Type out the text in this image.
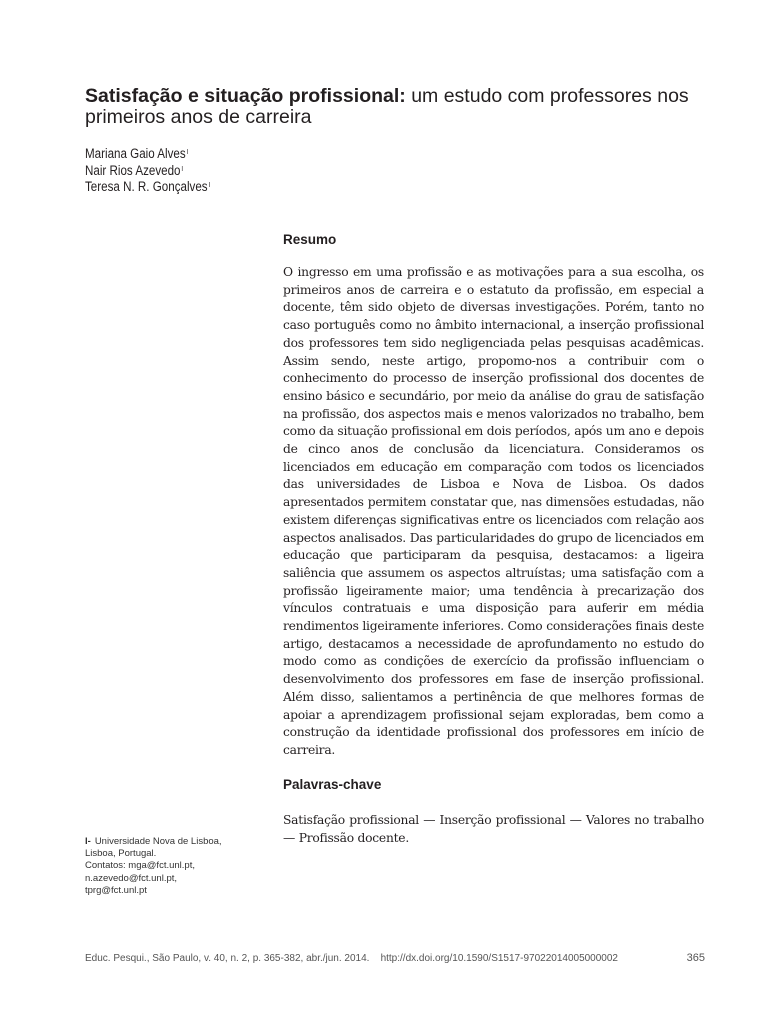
Satisfação e situação profissional: um estudo com professores nos primeiros anos de carreira
Mariana Gaio Alves$^I$
Nair Rios Azevedo$^I$
Teresa N. R. Gonçalves$^I$
Resumo

O ingresso em uma profissão e as motivações para a sua escolha, os primeiros anos de carreira e o estatuto da profissão, em especial a docente, têm sido objeto de diversas investigações. Porém, tanto no caso português como no âmbito internacional, a inserção profissional dos professores tem sido negligenciada pelas pesquisas acadêmicas. Assim sendo, neste artigo, propomo-nos a contribuir com o conhecimento do processo de inserção profissional dos docentes de ensino básico e secundário, por meio da análise do grau de satisfação na profissão, dos aspectos mais e menos valorizados no trabalho, bem como da situação profissional em dois períodos, após um ano e depois de cinco anos de conclusão da licenciatura. Consideramos os licenciados em educação em comparação com todos os licenciados das universidades de Lisboa e Nova de Lisboa. Os dados apresentados permitem constatar que, nas dimensões estudadas, não existem diferenças significativas entre os licenciados com relação aos aspectos analisados. Das particularidades do grupo de licenciados em educação que participaram da pesquisa, destacamos: a ligeira saliência que assumem os aspectos altruístas; uma satisfação com a profissão ligeiramente maior; uma tendência à precarização dos vínculos contratuais e uma disposição para auferir em média rendimentos ligeiramente inferiores. Como considerações finais deste artigo, destacamos a necessidade de aprofundamento no estudo do modo como as condições de exercício da profissão influenciam o desenvolvimento dos professores em fase de inserção profissional. Além disso, salientamos a pertinência de que melhores formas de apoiar a aprendizagem profissional sejam exploradas, bem como a construção da identidade profissional dos professores em início de carreira.

Palavras-chave

Satisfação profissional — Inserção profissional — Valores no trabalho — Profissão docente.

I- Universidade Nova de Lisboa,
Lisboa, Portugal.
Contatos: mga@fct.unl.pt,
n.azevedo@fct.unl.pt,
tprg@fct.unl.pt
Educ. Pesqui., São Paulo, v. 40, n. 2, p. 365-382, abr./jun. 2014.    http://dx.doi.org/10.1590/S1517-97022014005000002	365
